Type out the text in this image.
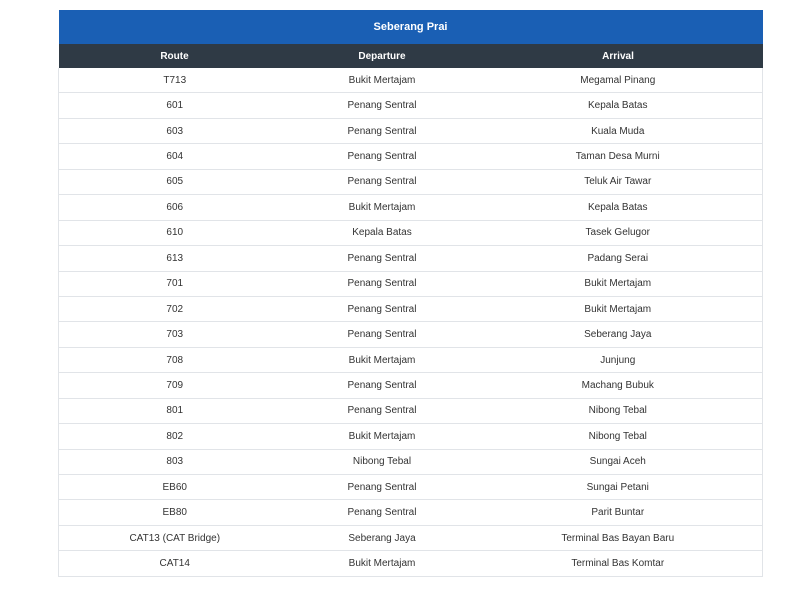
Seberang Prai		
Route	Departure	Arrival
T713	Bukit Mertajam	Megamal Pinang
601	Penang Sentral	Kepala Batas
603	Penang Sentral	Kuala Muda
604	Penang Sentral	Taman Desa Murni
605	Penang Sentral	Teluk Air Tawar
606	Bukit Mertajam	Kepala Batas
610	Kepala Batas	Tasek Gelugor
613	Penang Sentral	Padang Serai
701	Penang Sentral	Bukit Mertajam
702	Penang Sentral	Bukit Mertajam
703	Penang Sentral	Seberang Jaya
708	Bukit Mertajam	Junjung
709	Penang Sentral	Machang Bubuk
801	Penang Sentral	Nibong Tebal
802	Bukit Mertajam	Nibong Tebal
803	Nibong Tebal	Sungai Aceh
EB60	Penang Sentral	Sungai Petani
EB80	Penang Sentral	Parit Buntar
CAT13 (CAT Bridge)	Seberang Jaya	Terminal Bas Bayan Baru
CAT14	Bukit Mertajam	Terminal Bas Komtar
